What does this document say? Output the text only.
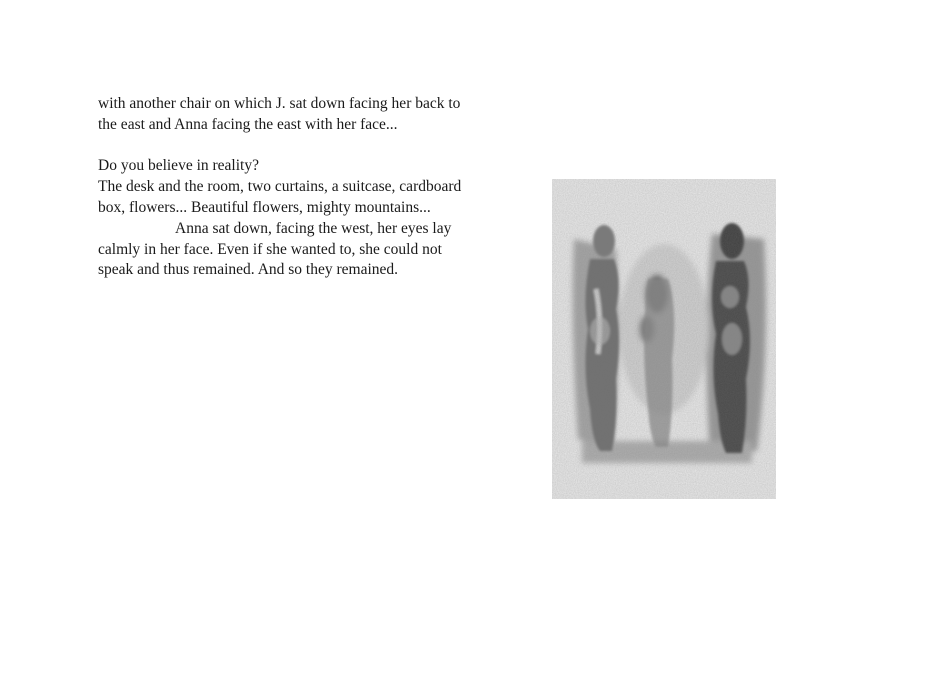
with another chair on which J. sat down facing her back to the east and Anna facing the east with her face...

Do you believe in reality?

The desk and the room, two curtains, a suitcase, cardboard box, flowers... Beautiful flowers, mighty mountains...

Anna sat down, facing the west, her eyes lay calmly in her face. Even if she wanted to, she could not speak and thus remained. And so they remained.
